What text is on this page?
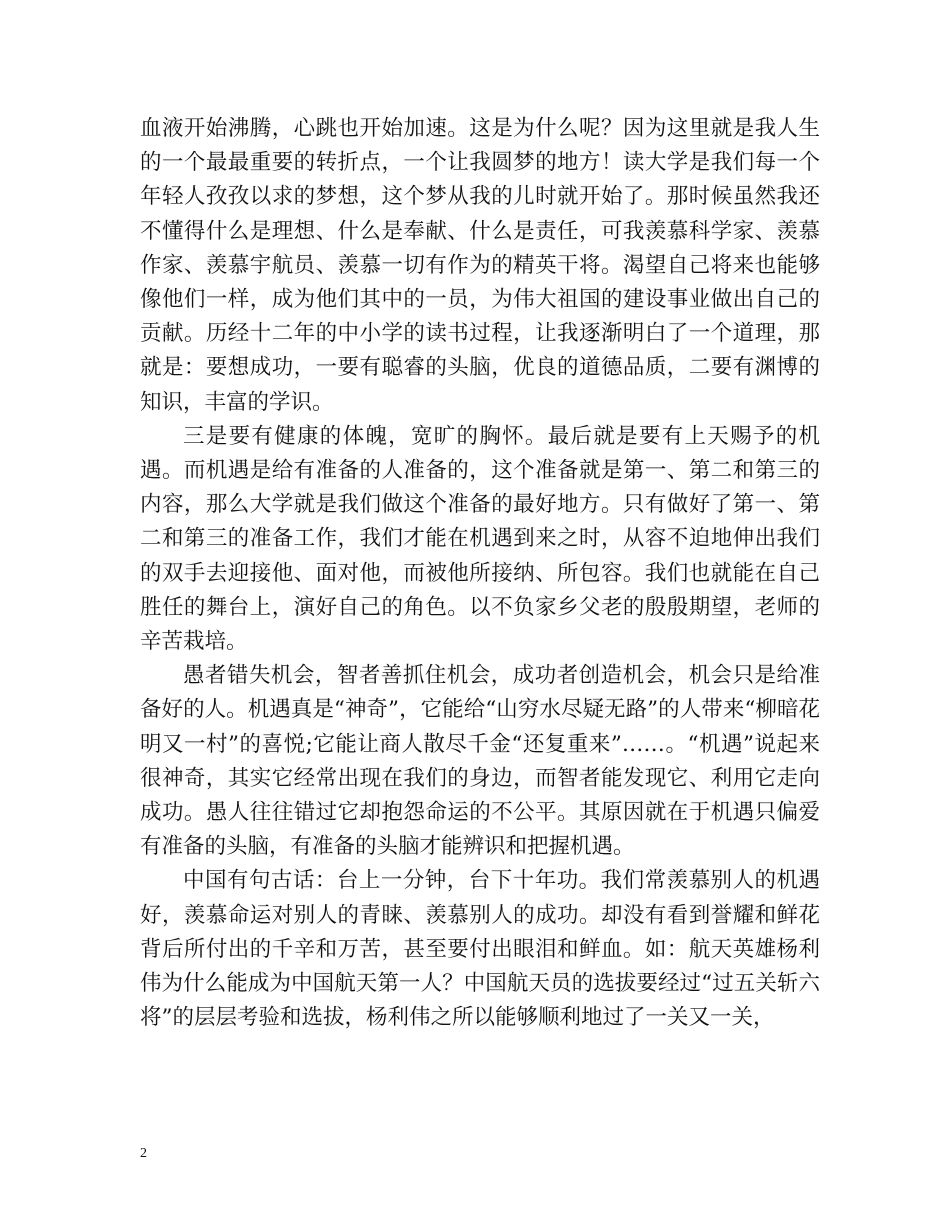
血液开始沸腾，心跳也开始加速。这是为什么呢？因为这里就是我人生的一个最最重要的转折点，一个让我圆梦的地方！读大学是我们每一个年轻人孜孜以求的梦想，这个梦从我的儿时就开始了。那时候虽然我还不懂得什么是理想、什么是奉献、什么是责任，可我羡慕科学家、羡慕作家、羡慕宇航员、羡慕一切有作为的精英干将。渴望自己将来也能够像他们一样，成为他们其中的一员，为伟大祖国的建设事业做出自己的贡献。历经十二年的中小学的读书过程，让我逐渐明白了一个道理，那就是：要想成功，一要有聪睿的头脑，优良的道德品质，二要有渊博的知识，丰富的学识。

三是要有健康的体魄，宽旷的胸怀。最后就是要有上天赐予的机遇。而机遇是给有准备的人准备的，这个准备就是第一、第二和第三的内容，那么大学就是我们做这个准备的最好地方。只有做好了第一、第二和第三的准备工作，我们才能在机遇到来之时，从容不迫地伸出我们的双手去迎接他、面对他，而被他所接纳、所包容。我们也就能在自己胜任的舞台上，演好自己的角色。以不负家乡父老的殷殷期望，老师的辛苦栽培。

愚者错失机会，智者善抓住机会，成功者创造机会，机会只是给准备好的人。机遇真是“神奇”，它能给“山穷水尽疑无路”的人带来“柳暗花明又一村”的喜悦;它能让商人散尽千金“还复重来”……。“机遇”说起来很神奇，其实它经常出现在我们的身边，而智者能发现它、利用它走向成功。愚人往往错过它却抱怨命运的不公平。其原因就在于机遇只偏爱有准备的头脑，有准备的头脑才能辨识和把握机遇。

中国有句古话：台上一分钟，台下十年功。我们常羡慕别人的机遇好，羡慕命运对别人的青睐、羡慕别人的成功。却没有看到誉耀和鲜花背后所付出的千辛和万苦，甚至要付出眼泪和鲜血。如：航天英雄杨利伟为什么能成为中国航天第一人？中国航天员的选拔要经过“过五关斩六将”的层层考验和选拔，杨利伟之所以能够顺利地过了一关又一关，

2
